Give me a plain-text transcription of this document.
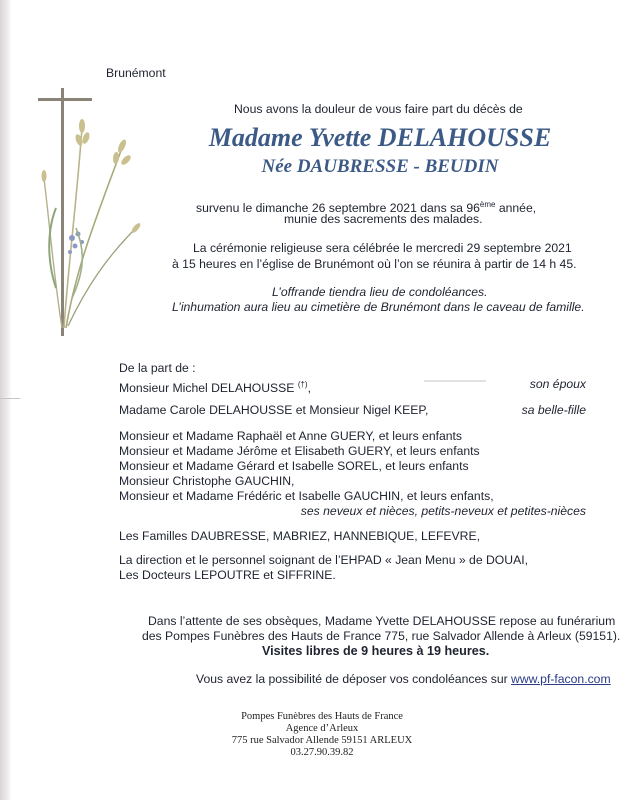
Brunémont
Nous avons la douleur de vous faire part du décès de
Madame Yvette DELAHOUSSE
Née DAUBRESSE - BEUDIN
survenu le dimanche 26 septembre 2021 dans sa 96ème année,
munie des sacrements des malades.
La cérémonie religieuse sera célébrée le mercredi 29 septembre 2021
à 15 heures en l’église de Brunémont où l’on se réunira à partir de 14 h 45.
L’offrande tiendra lieu de condoléances.
L’inhumation aura lieu au cimetière de Brunémont dans le caveau de famille.
De la part de :
Monsieur Michel DELAHOUSSE (†),	son époux
Madame Carole DELAHOUSSE et Monsieur Nigel KEEP,	sa belle-fille
Monsieur et Madame Raphaël et Anne GUERY, et leurs enfants
Monsieur et Madame Jérôme et Elisabeth GUERY, et leurs enfants
Monsieur et Madame Gérard et Isabelle SOREL, et leurs enfants
Monsieur Christophe GAUCHIN,
Monsieur et Madame Frédéric et Isabelle GAUCHIN, et leurs enfants,
ses neveux et nièces, petits-neveux et petites-nièces
Les Familles DAUBRESSE, MABRIEZ, HANNEBIQUE, LEFEVRE,
La direction et le personnel soignant de l’EHPAD « Jean Menu » de DOUAI,
Les Docteurs LEPOUTRE et SIFFRINE.
Dans l’attente de ses obsèques, Madame Yvette DELAHOUSSE repose au funérarium
des Pompes Funèbres des Hauts de France 775, rue Salvador Allende à Arleux (59151).
Visites libres de 9 heures à 19 heures.
Vous avez la possibilité de déposer vos condoléances sur www.pf-facon.com
Pompes Funèbres des Hauts de France
Agence d’Arleux
775 rue Salvador Allende 59151 ARLEUX
03.27.90.39.82
